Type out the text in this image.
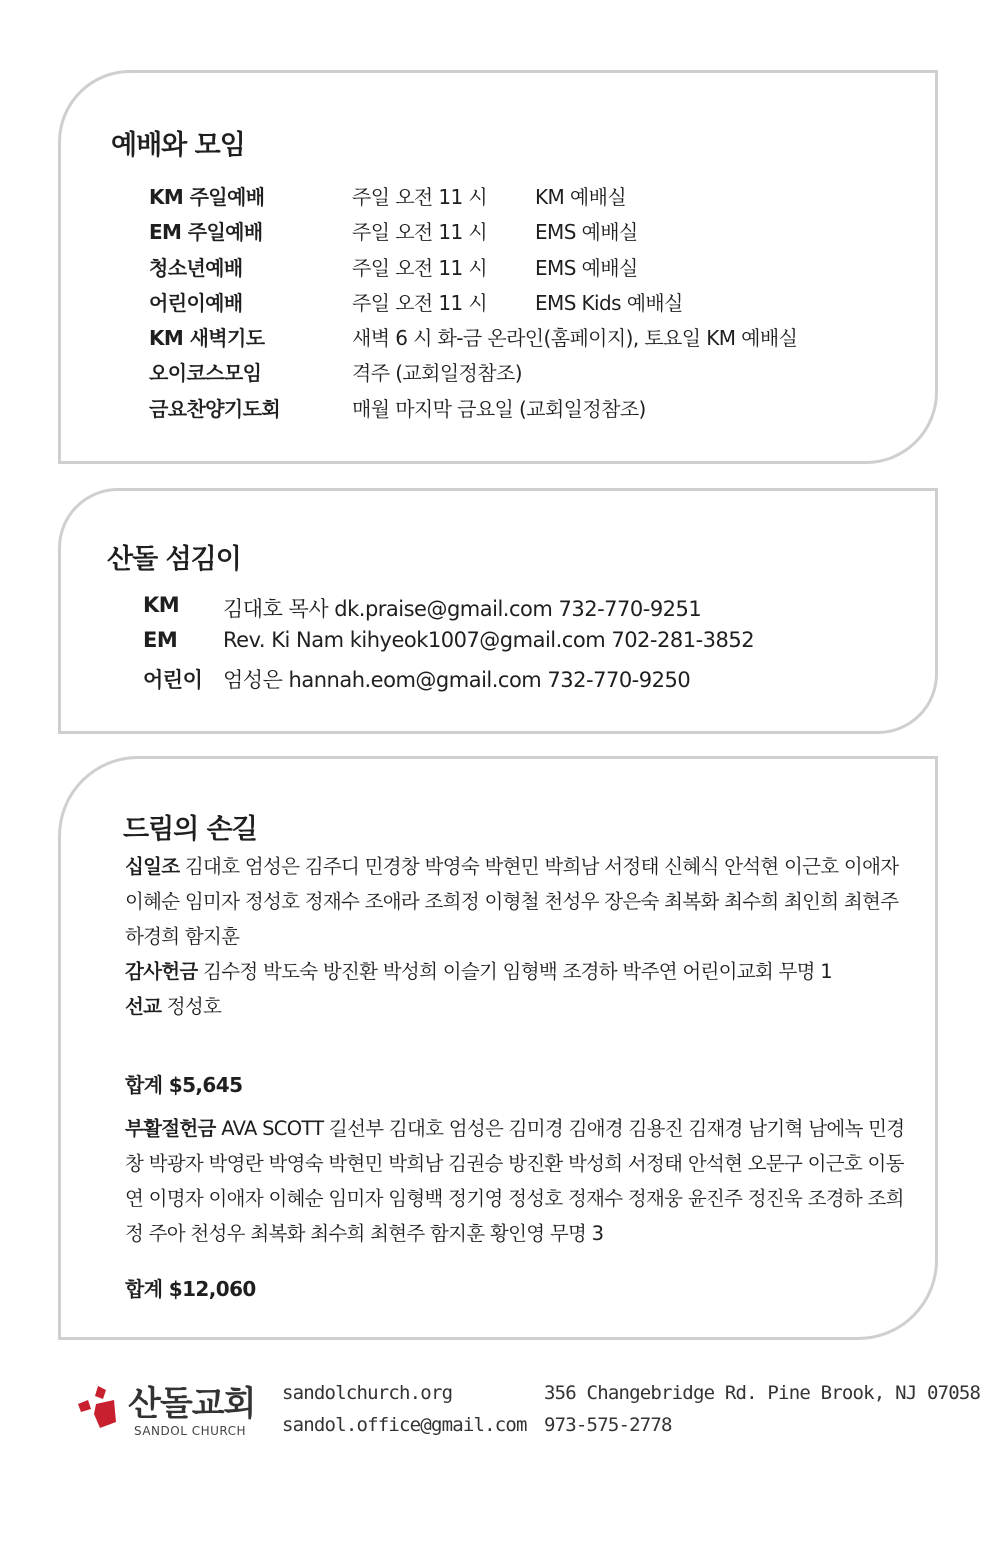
예배와 모임
KM 주일예배	주일 오전 11 시 KM 예배실
EM 주일예배	주일 오전 11 시 EMS 예배실
청소년예배	주일 오전 11 시 EMS 예배실
어린이예배	주일 오전 11 시 EMS Kids 예배실
KM 새벽기도	새벽 6 시 화-금 온라인(홈페이지), 토요일 KM 예배실
오이코스모임	격주 (교회일정참조)
금요찬양기도회	매월 마지막 금요일 (교회일정참조)
산돌 섬김이
KM 김대호 목사 dk.praise@gmail.com 732-770-9251
EM Rev. Ki Nam kihyeok1007@gmail.com 702-281-3852
어린이 엄성은 hannah.eom@gmail.com 732-770-9250
드림의 손길
십일조 김대호 엄성은 김주디 민경창 박영숙 박현민 박희남 서정태 신혜식 안석현 이근호 이애자 이혜순 임미자 정성호 정재수 조애라 조희정 이형철 천성우 장은숙 최복화 최수희 최인희 최현주 하경희 함지훈
감사헌금 김수정 박도숙 방진환 박성희 이슬기 임형백 조경하 박주연 어린이교회 무명 1
선교 정성호
합계 $5,645
부활절헌금 AVA SCOTT 길선부 김대호 엄성은 김미경 김애경 김용진 김재경 남기혁 남에녹 민경창 박광자 박영란 박영숙 박현민 박희남 김권승 방진환 박성희 서정태 안석현 오문구 이근호 이동연 이명자 이애자 이혜순 임미자 임형백 정기영 정성호 정재수 정재웅 윤진주 정진욱 조경하 조희정 주아 천성우 최복화 최수희 최현주 함지훈 황인영 무명 3
합계 $12,060
산돌교회
SANDOL CHURCH
sandolchurch.org
sandol.office@gmail.com
356 Changebridge Rd. Pine Brook, NJ 07058
973-575-2778
